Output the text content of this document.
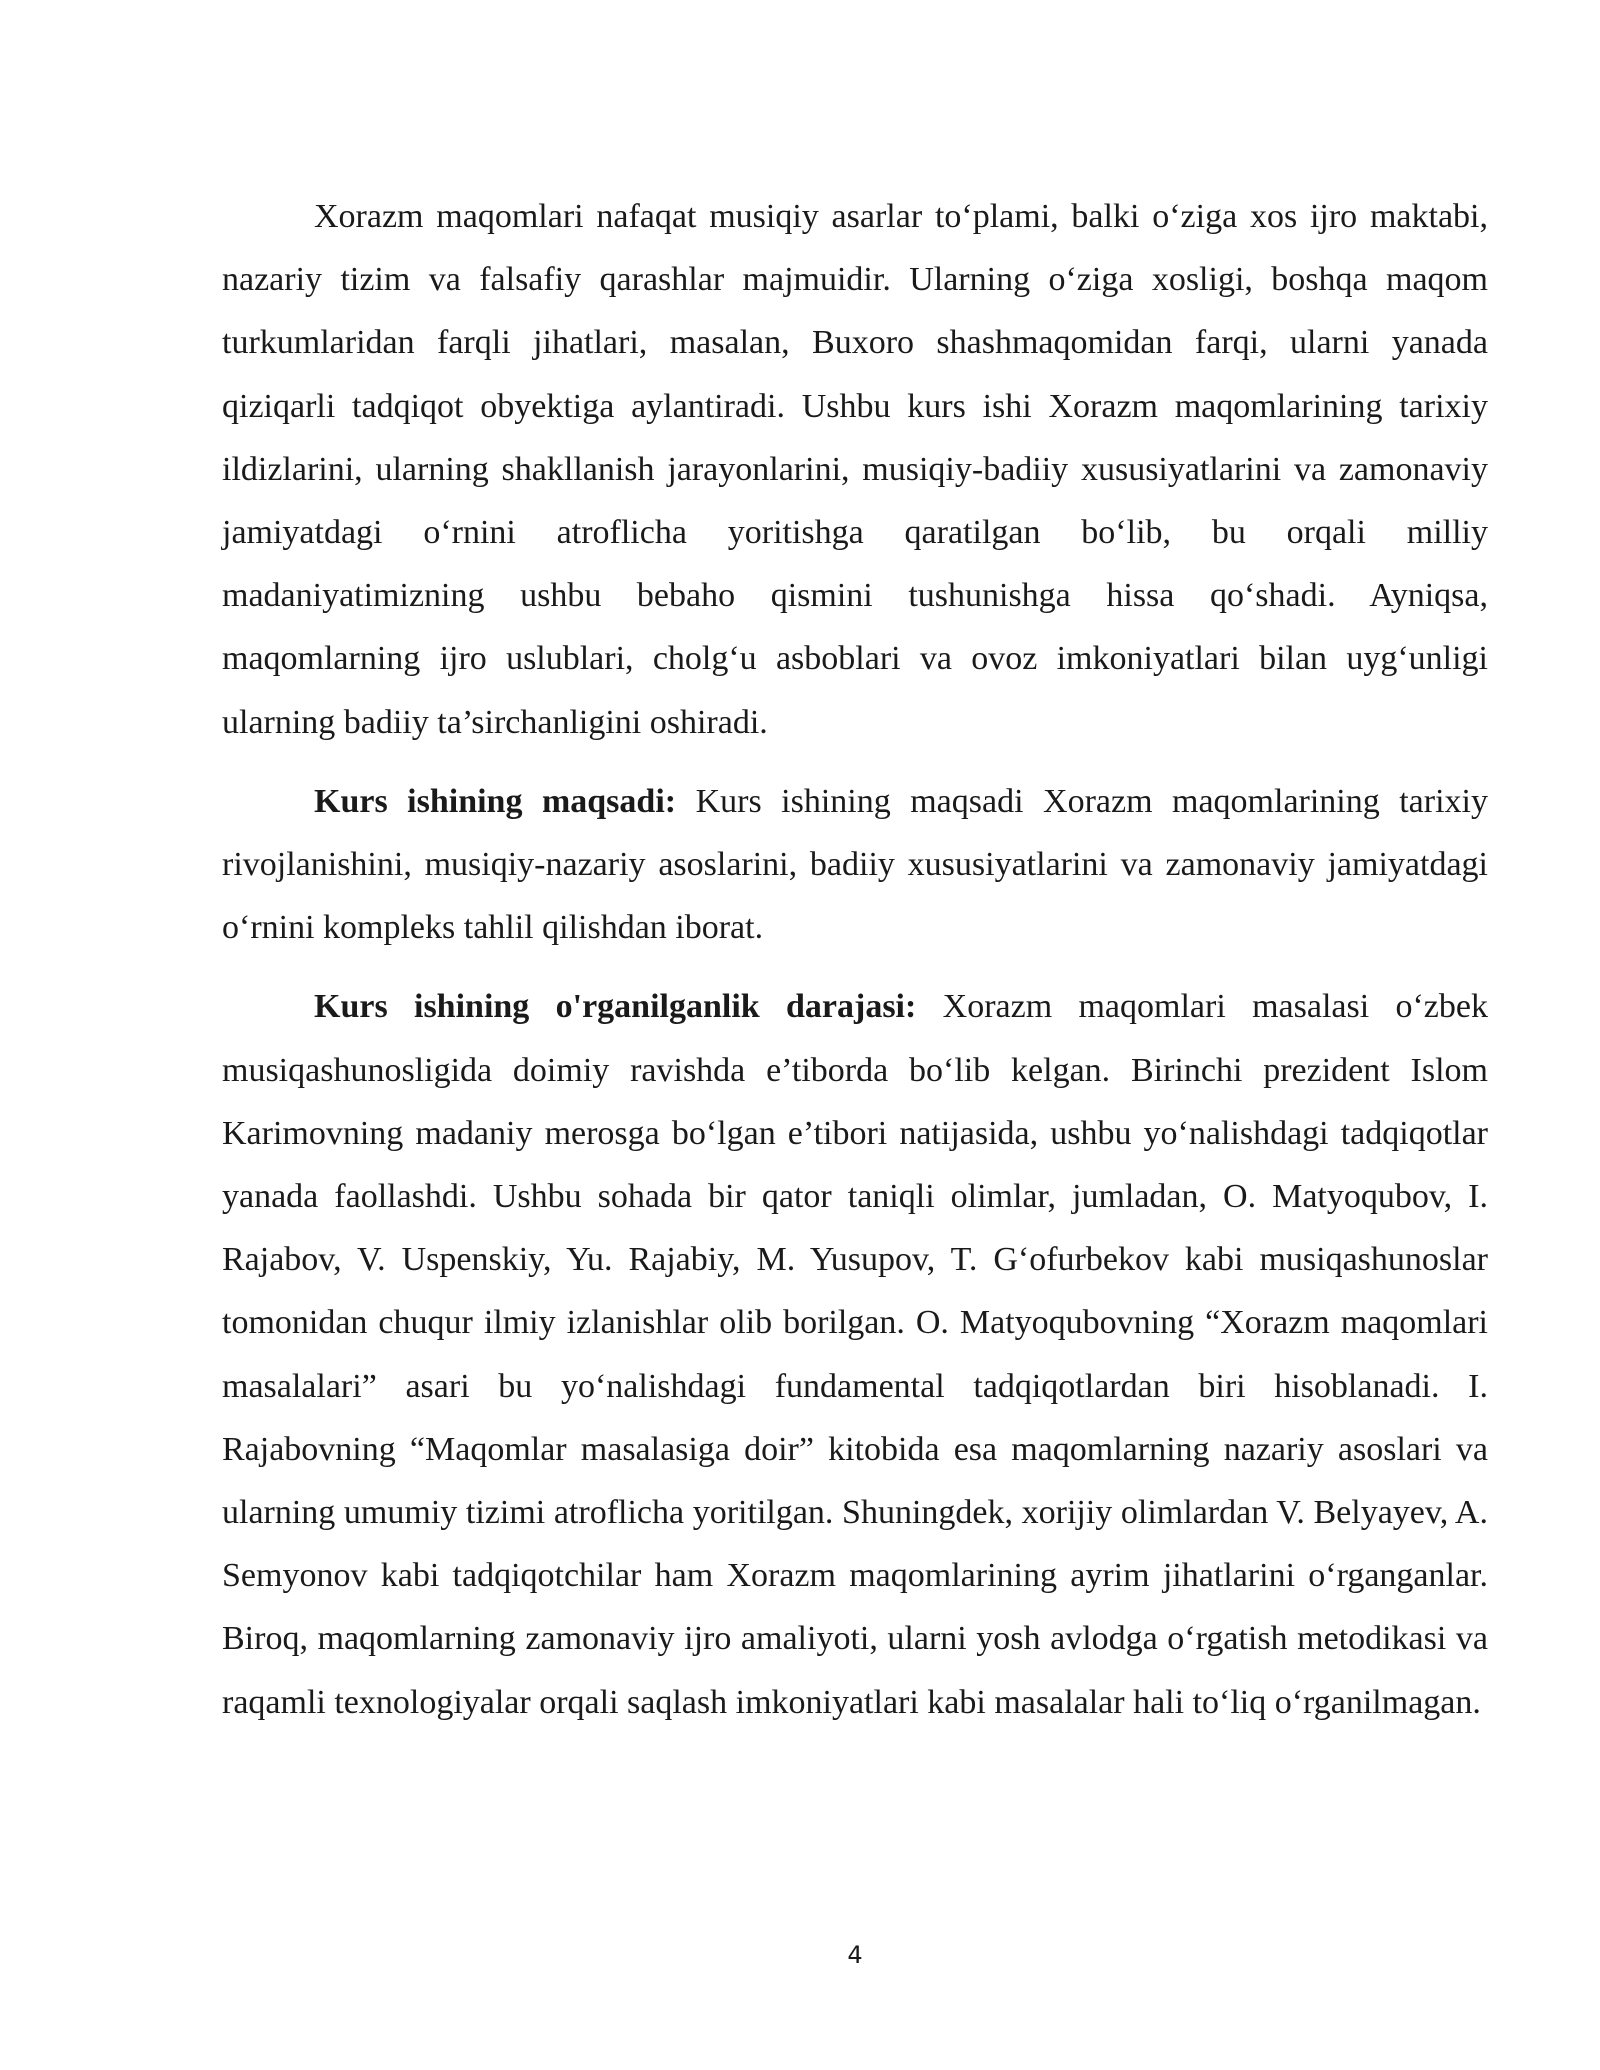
Xorazm maqomlari nafaqat musiqiy asarlar to‘plami, balki o‘ziga xos ijro maktabi, nazariy tizim va falsafiy qarashlar majmuidir. Ularning o‘ziga xosligi, boshqa maqom turkumlaridan farqli jihatlari, masalan, Buxoro shashmaqomidan farqi, ularni yanada qiziqarli tadqiqot obyektiga aylantiradi. Ushbu kurs ishi Xorazm maqomlarining tarixiy ildizlarini, ularning shakllanish jarayonlarini, musiqiy-badiiy xususiyatlarini va zamonaviy jamiyatdagi o‘rnini atroflicha yoritishga qaratilgan bo‘lib, bu orqali milliy madaniyatimizning ushbu bebaho qismini tushunishga hissa qo‘shadi. Ayniqsa, maqomlarning ijro uslublari, cholg‘u asboblari va ovoz imkoniyatlari bilan uyg‘unligi ularning badiiy ta’sirchanligini oshiradi.

Kurs ishining maqsadi: Kurs ishining maqsadi Xorazm maqomlarining tarixiy rivojlanishini, musiqiy-nazariy asoslarini, badiiy xususiyatlarini va zamonaviy jamiyatdagi o‘rnini kompleks tahlil qilishdan iborat.

Kurs ishining o'rganilganlik darajasi: Xorazm maqomlari masalasi o‘zbek musiqashunosligida doimiy ravishda e’tiborda bo‘lib kelgan. Birinchi prezident Islom Karimovning madaniy merosga bo‘lgan e’tibori natijasida, ushbu yo‘nalishdagi tadqiqotlar yanada faollashdi. Ushbu sohada bir qator taniqli olimlar, jumladan, O. Matyoqubov, I. Rajabov, V. Uspenskiy, Yu. Rajabiy, M. Yusupov, T. G‘ofurbekov kabi musiqashunoslar tomonidan chuqur ilmiy izlanishlar olib borilgan. O. Matyoqubovning “Xorazm maqomlari masalalari” asari bu yo‘nalishdagi fundamental tadqiqotlardan biri hisoblanadi. I. Rajabovning “Maqomlar masalasiga doir” kitobida esa maqomlarning nazariy asoslari va ularning umumiy tizimi atroflicha yoritilgan. Shuningdek, xorijiy olimlardan V. Belyayev, A. Semyonov kabi tadqiqotchilar ham Xorazm maqomlarining ayrim jihatlarini o‘rganganlar. Biroq, maqomlarning zamonaviy ijro amaliyoti, ularni yosh avlodga o‘rgatish metodikasi va raqamli texnologiyalar orqali saqlash imkoniyatlari kabi masalalar hali to‘liq o‘rganilmagan.

4
